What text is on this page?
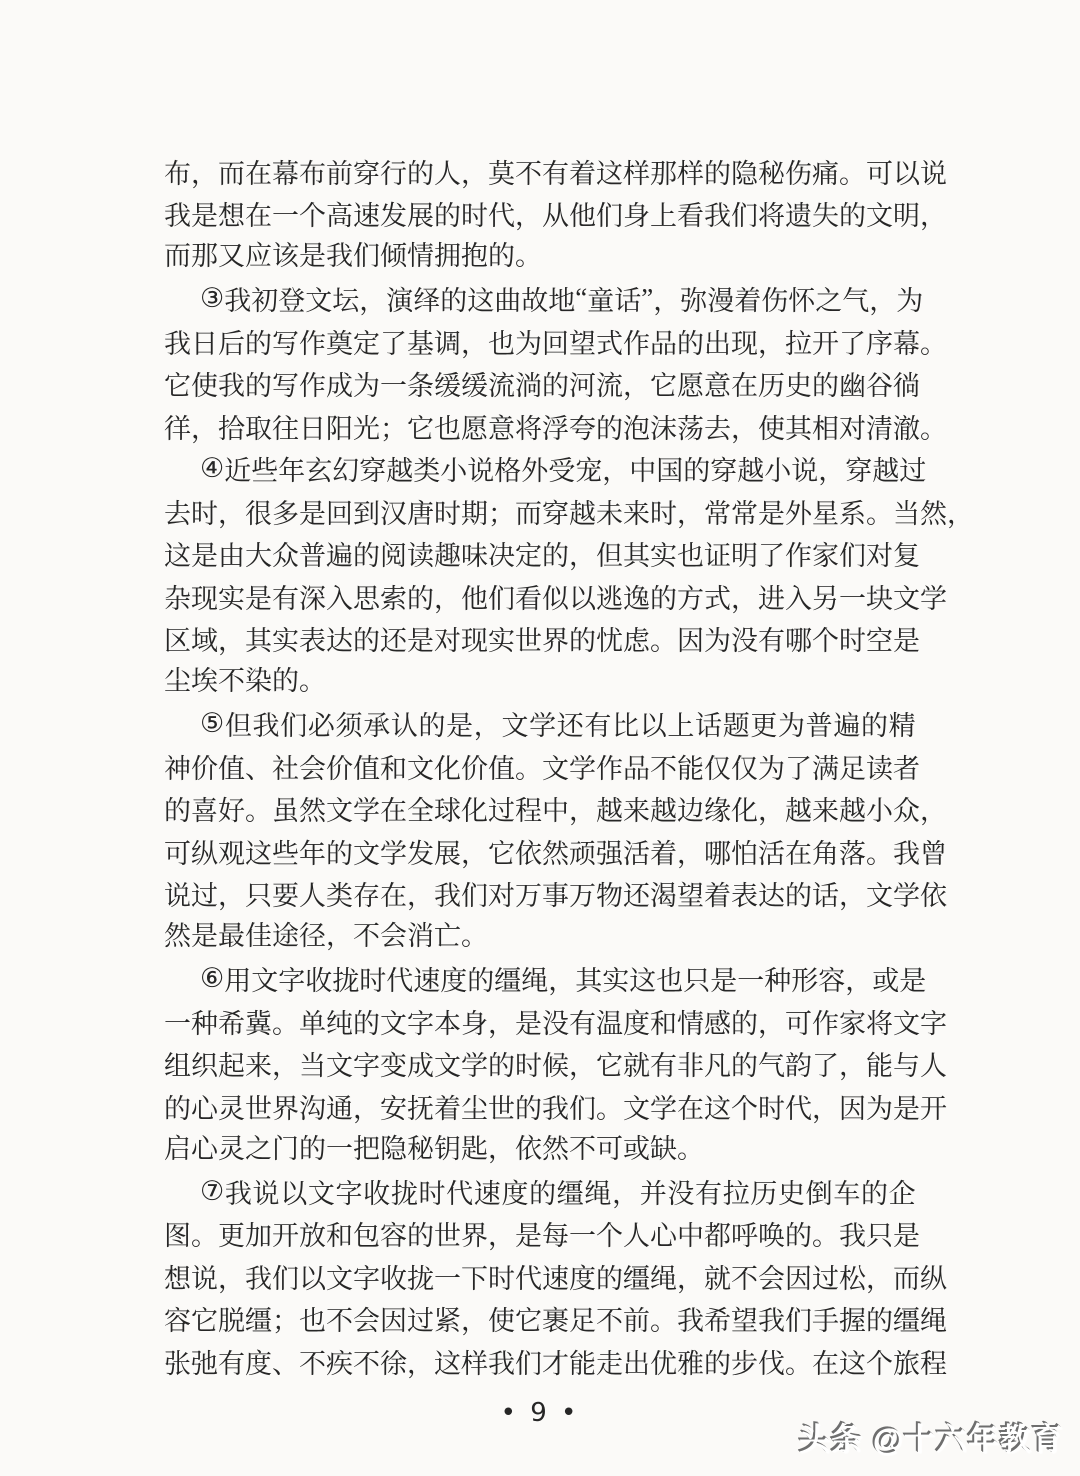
布 ， 而 在 幕 布 前 穿 行 的 人 ， 莫 不 有 着 这 样 那 样 的 隐 秘 伤 痛 。 可 以 说
我 是 想 在 一 个 高 速 发 展 的 时 代 ， 从 他 们 身 上 看 我 们 将 遗 失 的 文 明 ，
而那又应该是我们倾情拥抱的。
③ 我 初 登 文 坛 ， 演 绎 的 这 曲 故 地 “ 童 话 ” ， 弥 漫 着 伤 怀 之 气 ， 为
我 日 后 的 写 作 奠 定 了 基 调 ， 也 为 回 望 式 作 品 的 出 现 ， 拉 开 了 序 幕 。
它 使 我 的 写 作 成 为 一 条 缓 缓 流 淌 的 河 流 ， 它 愿 意 在 历 史 的 幽 谷 徜
徉 ， 拾 取 往 日 阳 光 ； 它 也 愿 意 将 浮 夸 的 泡 沫 荡 去 ， 使 其 相 对 清 澈 。
④ 近 些 年 玄 幻 穿 越 类 小 说 格 外 受 宠 ， 中 国 的 穿 越 小 说 ， 穿 越 过
去 时 ， 很 多 是 回 到 汉 唐 时 期 ； 而 穿 越 未 来 时 ， 常 常 是 外 星 系 。 当 然 ，
这 是 由 大 众 普 遍 的 阅 读 趣 味 决 定 的 ， 但 其 实 也 证 明 了 作 家 们 对 复
杂 现 实 是 有 深 入 思 索 的 ， 他 们 看 似 以 逃 逸 的 方 式 ， 进 入 另 一 块 文 学
区 域 ， 其 实 表 达 的 还 是 对 现 实 世 界 的 忧 虑 。 因 为 没 有 哪 个 时 空 是
尘埃不染的。
⑤ 但 我 们 必 须 承 认 的 是 ， 文 学 还 有 比 以 上 话 题 更 为 普 遍 的 精
神 价 值 、 社 会 价 值 和 文 化 价 值 。 文 学 作 品 不 能 仅 仅 为 了 满 足 读 者
的 喜 好 。 虽 然 文 学 在 全 球 化 过 程 中 ， 越 来 越 边 缘 化 ， 越 来 越 小 众 ，
可 纵 观 这 些 年 的 文 学 发 展 ， 它 依 然 顽 强 活 着 ， 哪 怕 活 在 角 落 。 我 曾
说 过 ， 只 要 人 类 存 在 ， 我 们 对 万 事 万 物 还 渴 望 着 表 达 的 话 ， 文 学 依
然是最佳途径，不会消亡。
⑥ 用 文 字 收 拢 时 代 速 度 的 缰 绳 ， 其 实 这 也 只 是 一 种 形 容 ， 或 是
一 种 希 冀 。 单 纯 的 文 字 本 身 ， 是 没 有 温 度 和 情 感 的 ， 可 作 家 将 文 字
组 织 起 来 ， 当 文 字 变 成 文 学 的 时 候 ， 它 就 有 非 凡 的 气 韵 了 ， 能 与 人
的 心 灵 世 界 沟 通 ， 安 抚 着 尘 世 的 我 们 。 文 学 在 这 个 时 代 ， 因 为 是 开
启心灵之门的一把隐秘钥匙，依然不可或缺。
⑦ 我 说 以 文 字 收 拢 时 代 速 度 的 缰 绳 ， 并 没 有 拉 历 史 倒 车 的 企
图 。 更 加 开 放 和 包 容 的 世 界 ， 是 每 一 个 人 心 中 都 呼 唤 的 。 我 只 是
想 说 ， 我 们 以 文 字 收 拢 一 下 时 代 速 度 的 缰 绳 ， 就 不 会 因 过 松 ， 而 纵
容 它 脱 缰 ； 也 不 会 因 过 紧 ， 使 它 裹 足 不 前 。 我 希 望 我 们 手 握 的 缰 绳
张 弛 有 度 、 不 疾 不 徐 ， 这 样 我 们 才 能 走 出 优 雅 的 步 伐 。 在 这 个 旅 程
• 9 •
头条 @十六年教育
